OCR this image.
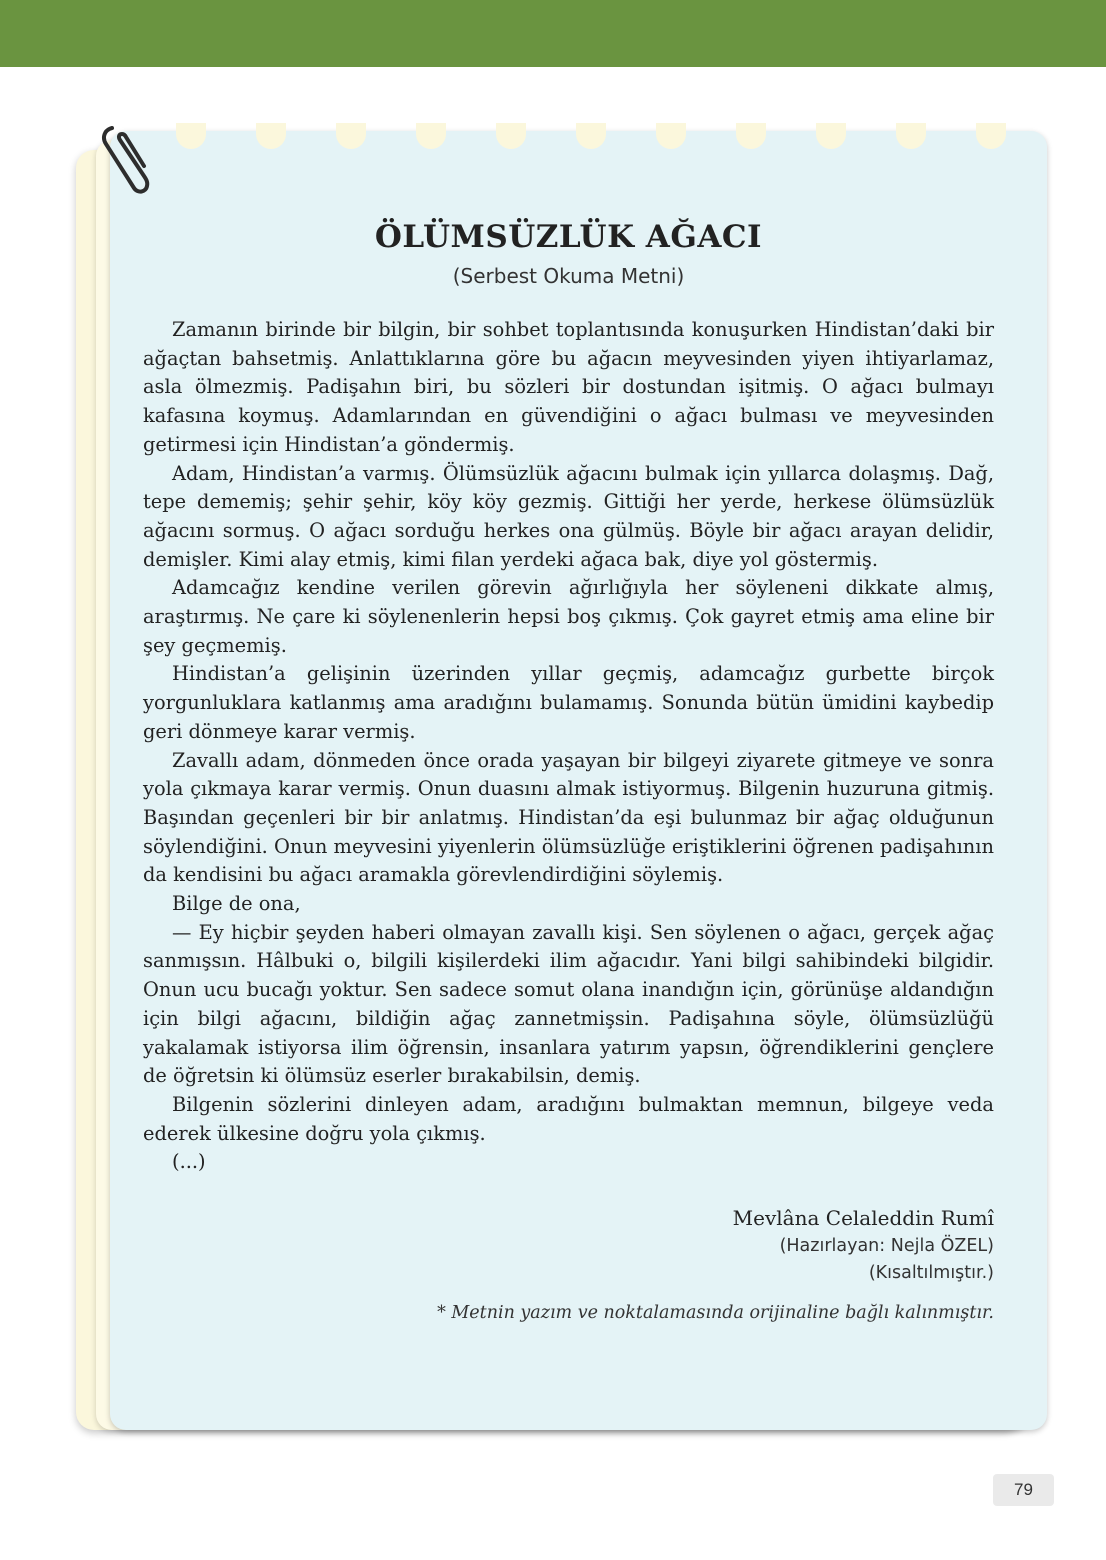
ÖLÜMSÜZLÜK AĞACI
(Serbest Okuma Metni)

Zamanın birinde bir bilgin, bir sohbet toplantısında konuşurken Hindistan’daki bir ağaçtan bahsetmiş. Anlattıklarına göre bu ağacın meyvesinden yiyen ihtiyarlamaz, asla ölmezmiş. Padişahın biri, bu sözleri bir dostundan işitmiş. O ağacı bulmayı kafasına koymuş. Adamlarından en güvendiğini o ağacı bulması ve meyvesinden getirmesi için Hindistan’a göndermiş.

Adam, Hindistan’a varmış. Ölümsüzlük ağacını bulmak için yıllarca dolaşmış. Dağ, tepe dememiş; şehir şehir, köy köy gezmiş. Gittiği her yerde, herkese ölümsüzlük ağacını sormuş. O ağacı sorduğu herkes ona gülmüş. Böyle bir ağacı arayan delidir, demişler. Kimi alay etmiş, kimi filan yerdeki ağaca bak, diye yol göstermiş.

Adamcağız kendine verilen görevin ağırlığıyla her söyleneni dikkate almış, araştırmış. Ne çare ki söylenenlerin hepsi boş çıkmış. Çok gayret etmiş ama eline bir şey geçmemiş.

Hindistan’a gelişinin üzerinden yıllar geçmiş, adamcağız gurbette birçok yorgunluklara katlanmış ama aradığını bulamamış. Sonunda bütün ümidini kaybedip geri dönmeye karar vermiş.

Zavallı adam, dönmeden önce orada yaşayan bir bilgeyi ziyarete gitmeye ve sonra yola çıkmaya karar vermiş. Onun duasını almak istiyormuş. Bilgenin huzuruna gitmiş. Başından geçenleri bir bir anlatmış. Hindistan’da eşi bulunmaz bir ağaç olduğunun söylendiğini. Onun meyvesini yiyenlerin ölümsüzlüğe eriştiklerini öğrenen padişahının da kendisini bu ağacı aramakla görevlendirdiğini söylemiş.

Bilge de ona,

— Ey hiçbir şeyden haberi olmayan zavallı kişi. Sen söylenen o ağacı, gerçek ağaç sanmışsın. Hâlbuki o, bilgili kişilerdeki ilim ağacıdır. Yani bilgi sahibindeki bilgidir. Onun ucu bucağı yoktur. Sen sadece somut olana inandığın için, görünüşe aldandığın için bilgi ağacını, bildiğin ağaç zannetmişsin. Padişahına söyle, ölümsüzlüğü yakalamak istiyorsa ilim öğrensin, insanlara yatırım yapsın, öğrendiklerini gençlere de öğretsin ki ölümsüz eserler bırakabilsin, demiş.

Bilgenin sözlerini dinleyen adam, aradığını bulmaktan memnun, bilgeye veda ederek ülkesine doğru yola çıkmış.

(...)

Mevlâna Celaleddin Rumî
(Hazırlayan: Nejla ÖZEL)
(Kısaltılmıştır.)
* Metnin yazım ve noktalamasında orijinaline bağlı kalınmıştır.
79
